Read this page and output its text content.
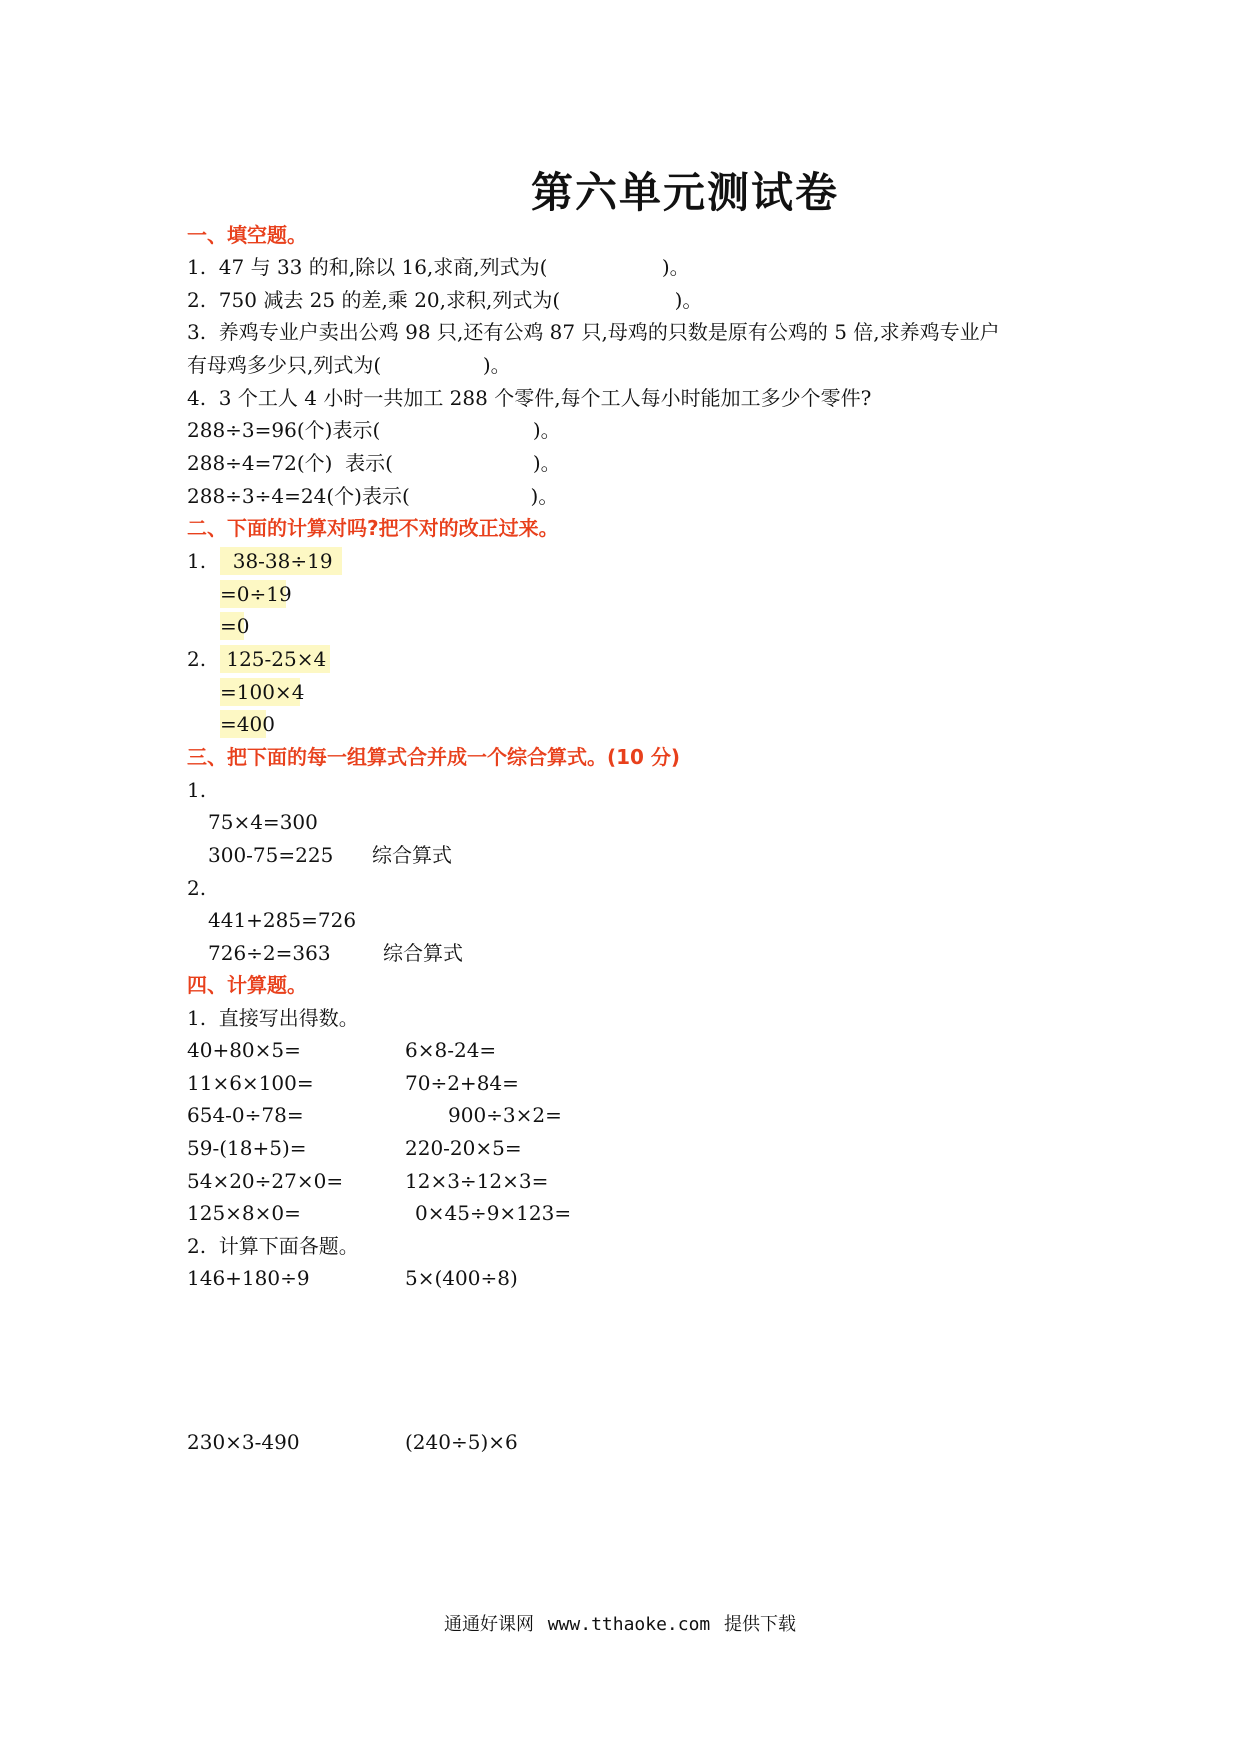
第六单元测试卷
一、填空题。
1.  47 与 33 的和,除以 16,求商,列式为(                  )。
2.  750 减去 25 的差,乘 20,求积,列式为(                  )。
3.  养鸡专业户卖出公鸡 98 只,还有公鸡 87 只,母鸡的只数是原有公鸡的 5 倍,求养鸡专业户
有母鸡多少只,列式为(                )。
4.  3 个工人 4 小时一共加工 288 个零件,每个工人每小时能加工多少个零件?
288÷3=96(个)表示(                        )。
288÷4=72(个)  表示(                      )。
288÷3÷4=24(个)表示(                   )。
二、下面的计算对吗?把不对的改正过来。
1. 38-38÷19
=0÷19
=0
2. 125-25×4
=100×4
=400
三、把下面的每一组算式合并成一个综合算式。(10 分)
1.
75×4=300
300-75=225 综合算式
2.
441+285=726
726÷2=363	综合算式
四、计算题。
1.  直接写出得数。
40+80×5=	6×8-24=
11×6×100=	70÷2+84=
654-0÷78=	900÷3×2=
59-(18+5)=	220-20×5=
54×20÷27×0=	12×3÷12×3=
125×8×0=	0×45÷9×123=
2.  计算下面各题。
146+180÷9	5×(400÷8)
230×3-490	(240÷5)×6
通通好课网 www.tthaoke.com 提供下载
